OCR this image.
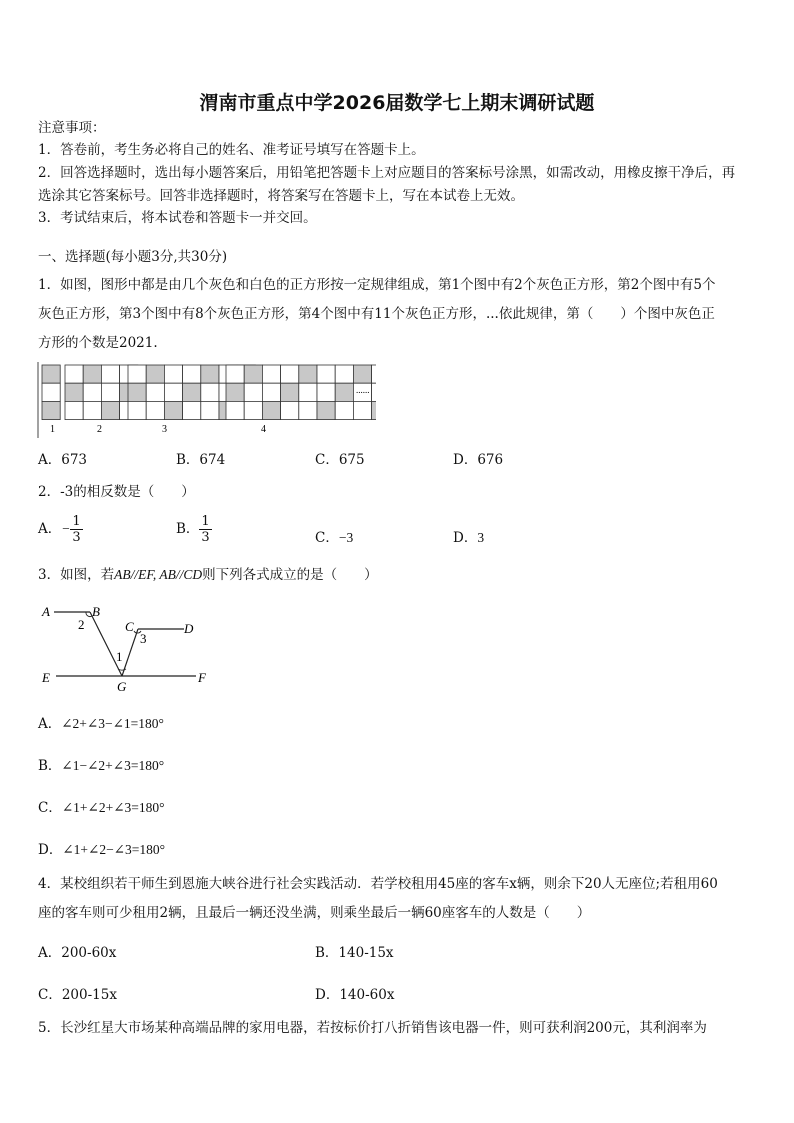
渭南市重点中学2026届数学七上期末调研试题
注意事项：
1．答卷前，考生务必将自己的姓名、准考证号填写在答题卡上。
2．回答选择题时，选出每小题答案后，用铅笔把答题卡上对应题目的答案标号涂黑，如需改动，用橡皮擦干净后，再
选涂其它答案标号。回答非选择题时，将答案写在答题卡上，写在本试卷上无效。
3．考试结束后，将本试卷和答题卡一并交回。
一、选择题(每小题3分,共30分)
1．如图，图形中都是由几个灰色和白色的正方形按一定规律组成，第1个图中有2个灰色正方形，第2个图中有5个
灰色正方形，第3个图中有8个灰色正方形，第4个图中有11个灰色正方形，...依此规律，第（　　）个图中灰色正
方形的个数是2021.
1	2	3	4
......
A．673	B．674	C．675	D．676
2．-3的相反数是（　　）
A．− $\frac{1}{3}$	B． $\frac{1}{3}$	C．−3	D．3
3．如图，若AB//EF, AB//CD则下列各式成立的是（　　）
A	B
C	D
E	F
G
1
2
3
A．∠2+∠3−∠1=180°
B．∠1−∠2+∠3=180°
C．∠1+∠2+∠3=180°
D．∠1+∠2−∠3=180°
4．某校组织若干师生到恩施大峡谷进行社会实践活动．若学校租用45座的客车x辆，则余下20人无座位;若租用60
座的客车则可少租用2辆，且最后一辆还没坐满，则乘坐最后一辆60座客车的人数是（　　）
A．200-60x	B．140-15x
C．200-15x	D．140-60x
5．长沙红星大市场某种高端品牌的家用电器，若按标价打八折销售该电器一件，则可获利润200元，其利润率为
